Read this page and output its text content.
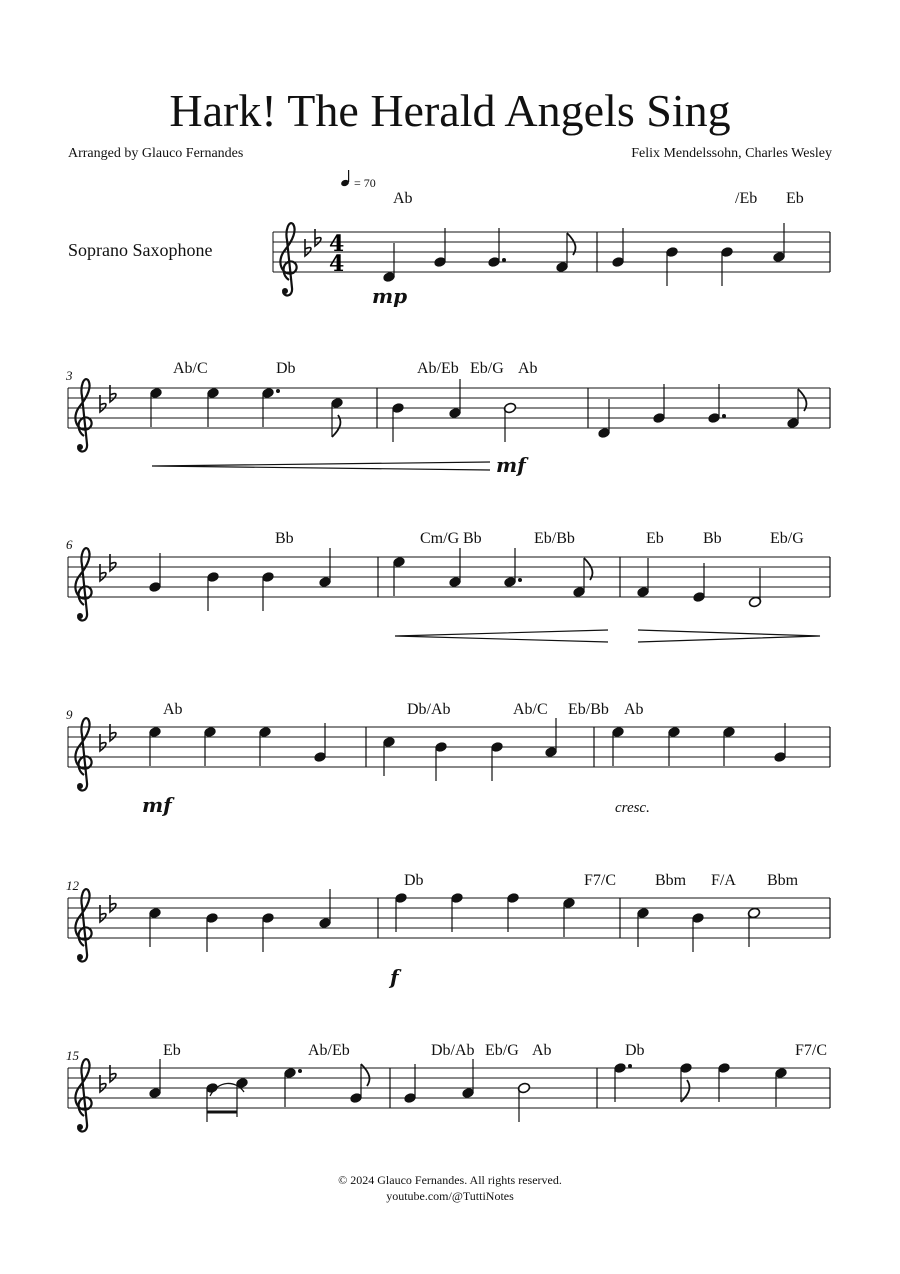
Hark! The Herald Angels Sing
Arranged by Glauco Fernandes	Felix Mendelssohn, Charles Wesley
Soprano Saxophone
= 70
4
4
Ab	/Eb Eb
3	Ab/C	Db	Ab/Eb Eb/G Ab
6	Bb	Cm/G Bb	Eb/Bb	Eb Bb	Eb/G
9	Ab	Db/Ab	Ab/C Eb/Bb Ab
12	Db	F7/C Bbm F/A Bbm
15	Eb	Ab/Eb	Db/Ab Eb/G Ab	Db	F7/C
mp
mf
mf	cresc.
f
© 2024 Glauco Fernandes. All rights reserved.
youtube.com/@TuttiNotes
